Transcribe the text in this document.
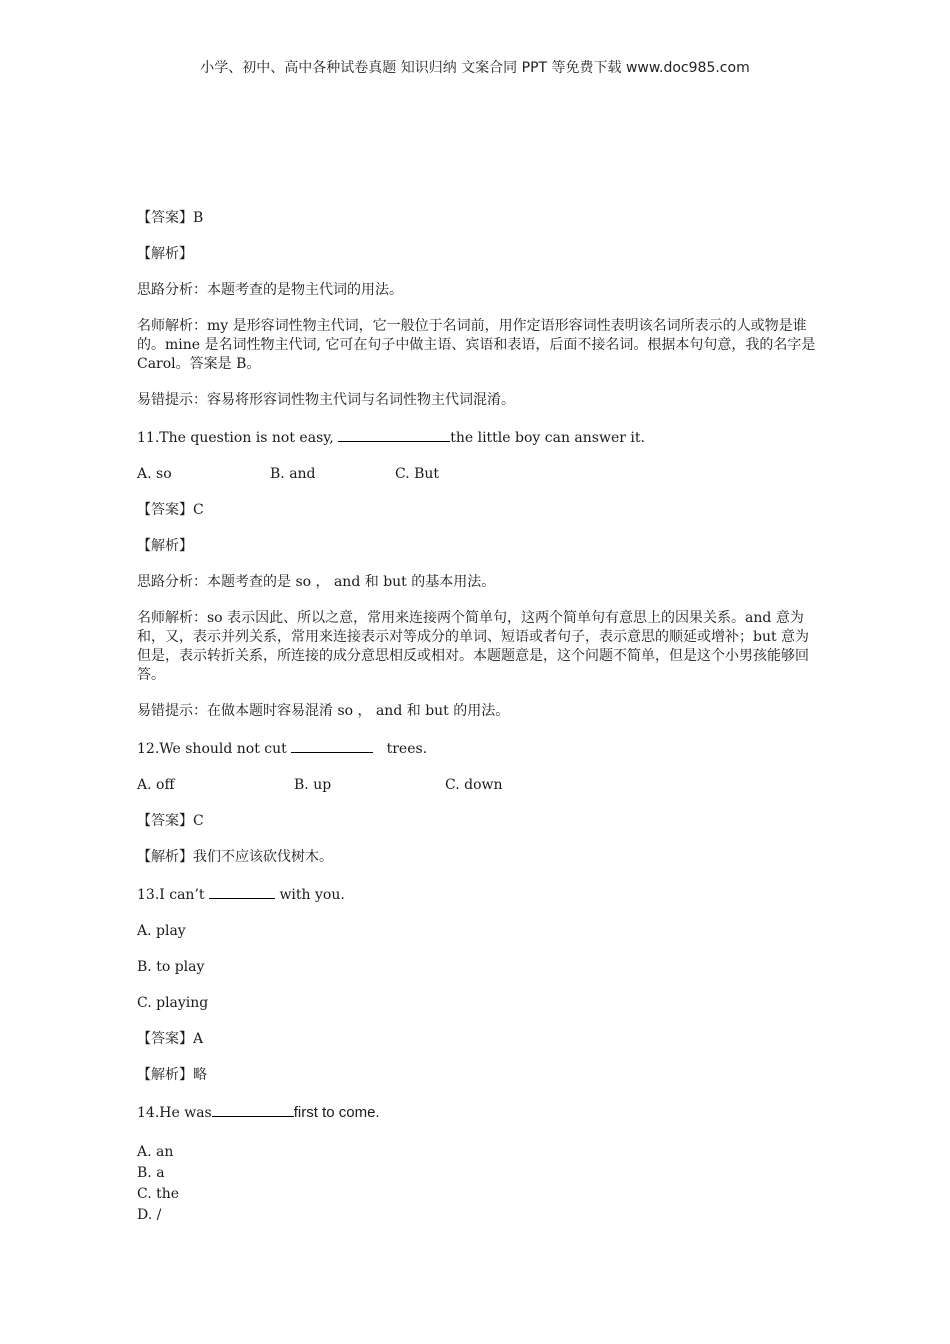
小学、初中、高中各种试卷真题 知识归纳 文案合同 PPT 等免费下载 www.doc985.com

【答案】B

【解析】

思路分析：本题考查的是物主代词的用法。

名师解析：my 是形容词性物主代词，它一般位于名词前，用作定语形容词性表明该名词所表示的人或物是谁的。mine 是名词性物主代词, 它可在句子中做主语、宾语和表语，后面不接名词。根据本句句意，我的名字是 Carol。答案是 B。

易错提示：容易将形容词性物主代词与名词性物主代词混淆。

11.The question is not easy,	the little boy can answer it.

A. so	B. and	C. But

【答案】C

【解析】

思路分析：本题考查的是 so ， and 和 but 的基本用法。

名师解析：so 表示因此、所以之意，常用来连接两个简单句，这两个简单句有意思上的因果关系。and 意为和，又，表示并列关系，常用来连接表示对等成分的单词、短语或者句子，表示意思的顺延或增补；but 意为但是，表示转折关系，所连接的成分意思相反或相对。本题题意是，这个问题不简单，但是这个小男孩能够回答。

易错提示：在做本题时容易混淆 so ， and 和 but 的用法。

12.We should not cut	trees.

A. off	B. up	C. down

【答案】C

【解析】我们不应该砍伐树木。

13.I can’t	with you.

A. play

B. to play

C. playing

【答案】A

【解析】略

14.He was	first to come.

A. an

B. a

C. the

D. /
